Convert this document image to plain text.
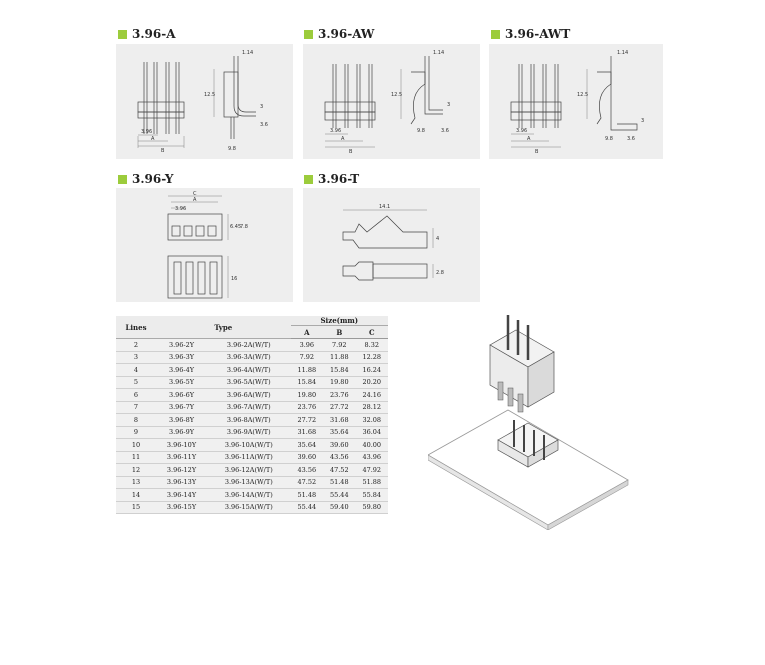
3.96-A	3.96-AW	3.96-AWT
3.96-Y	3.96-T
3.96
A
B
12.5
1.14
3
3.6
9.8
3.96
A
B
12.5
1.14
3
9.8	3.6	3.96
A
B
12.5
1.14
3
9.8	3.6
C
A
3.96
6.45
7.8
16
14.1
4
2.8
Lines	Type		Size(mm)		
			A	B	C
2	3.96-2Y	3.96-2A(W/T)	3.96	7.92	8.32
3	3.96-3Y	3.96-3A(W/T)	7.92	11.88	12.28
4	3.96-4Y	3.96-4A(W/T)	11.88	15.84	16.24
5	3.96-5Y	3.96-5A(W/T)	15.84	19.80	20.20
6	3.96-6Y	3.96-6A(W/T)	19.80	23.76	24.16
7	3.96-7Y	3.96-7A(W/T)	23.76	27.72	28.12
8	3.96-8Y	3.96-8A(W/T)	27.72	31.68	32.08
9	3.96-9Y	3.96-9A(W/T)	31.68	35.64	36.04
10	3.96-10Y	3.96-10A(W/T)	35.64	39.60	40.00
11	3.96-11Y	3.96-11A(W/T)	39.60	43.56	43.96
12	3.96-12Y	3.96-12A(W/T)	43.56	47.52	47.92
13	3.96-13Y	3.96-13A(W/T)	47.52	51.48	51.88
14	3.96-14Y	3.96-14A(W/T)	51.48	55.44	55.84
15	3.96-15Y	3.96-15A(W/T)	55.44	59.40	59.80
